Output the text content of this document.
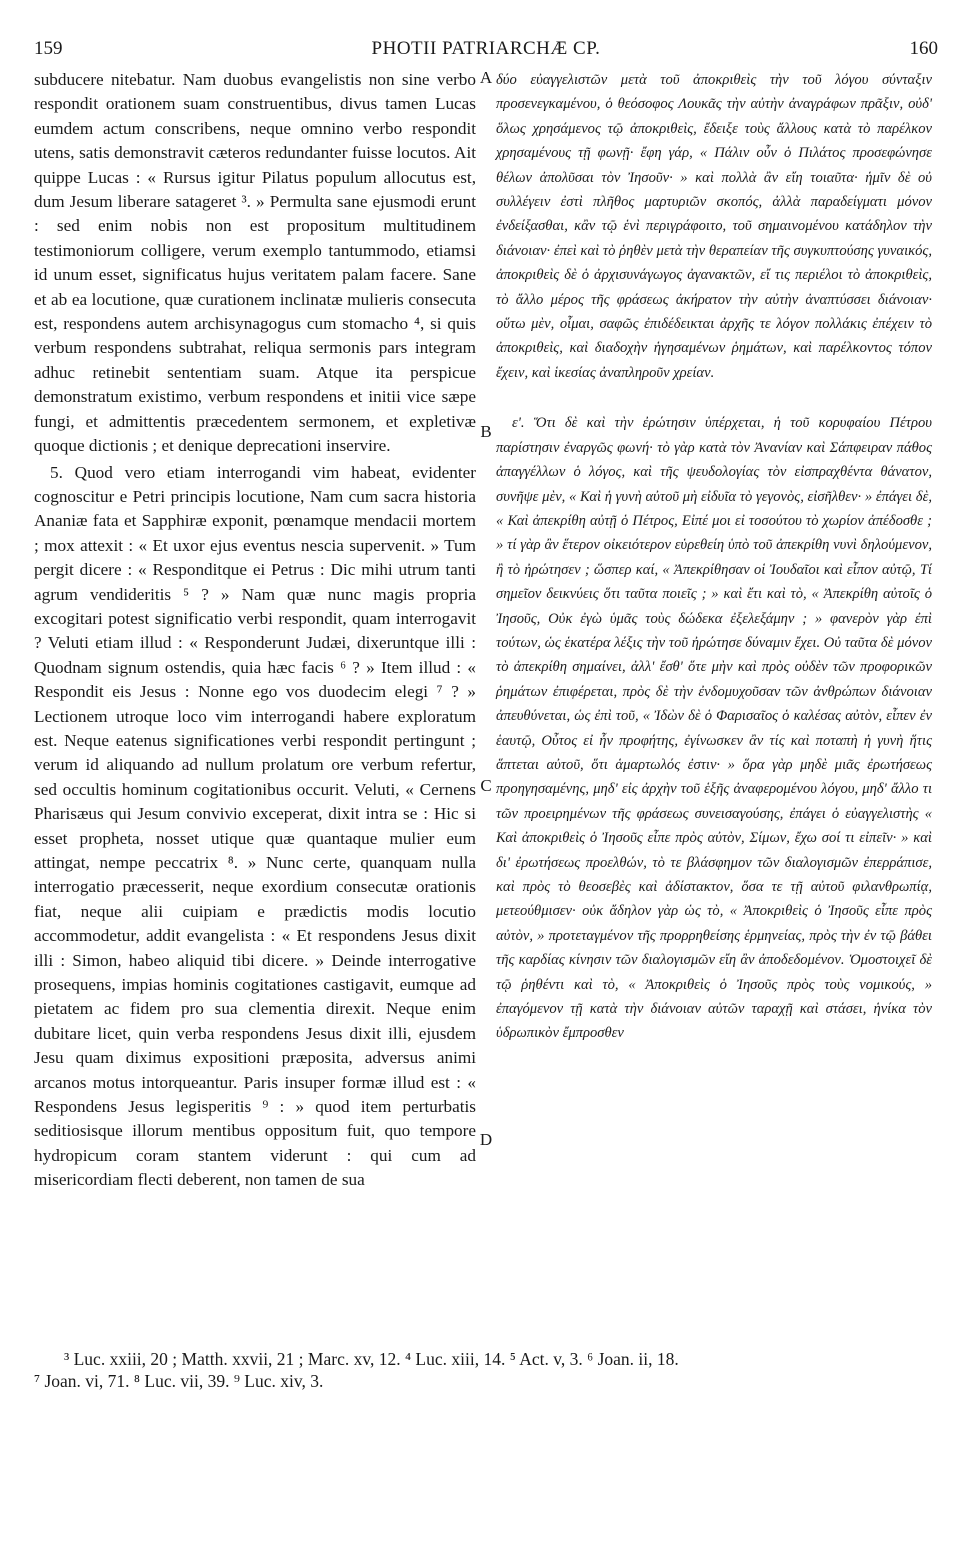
159	PHOTII PATRIARCHÆ CP.	160

subducere nitebatur. Nam duobus evangelistis non sine verbo respondit orationem suam construentibus, divus tamen Lucas eumdem actum conscribens, neque omnino verbo respondit utens, satis demonstravit cæteros redundanter fuisse locutos. Ait quippe Lucas : « Rursus igitur Pilatus populum allocutus est, dum Jesum liberare satageret ³. » Permulta sane ejusmodi erunt : sed enim nobis non est propositum multitudinem testimoniorum colligere, verum exemplo tantummodo, etiamsi id unum esset, significatus hujus veritatem palam facere. Sane et ab ea locutione, quæ curationem inclinatæ mulieris consecuta est, respondens autem archisynagogus cum stomacho ⁴, si quis verbum respondens subtrahat, reliqua sermonis pars integram adhuc retinebit sententiam suam. Atque ita perspicue demonstratum existimo, verbum respondens et initii vice sæpe fungi, et admittentis præcedentem sermonem, et expletivæ quoque dictionis ; et denique deprecationi inservire.

5. Quod vero etiam interrogandi vim habeat, evidenter cognoscitur e Petri principis locutione, Nam cum sacra historia Ananiæ fata et Sapphiræ exponit, pœnamque mendacii mortem ; mox attexit : « Et uxor ejus eventus nescia supervenit. » Tum pergit dicere : « Responditque ei Petrus : Dic mihi utrum tanti agrum vendideritis ⁵ ? » Nam quæ nunc magis propria excogitari potest significatio verbi respondit, quam interrogavit ? Veluti etiam illud : « Responderunt Judæi, dixeruntque illi : Quodnam signum ostendis, quia hæc facis ⁶ ? » Item illud : « Respondit eis Jesus : Nonne ego vos duodecim elegi ⁷ ? » Lectionem utroque loco vim interrogandi habere exploratum est. Neque eatenus significationes verbi respondit pertingunt ; verum id aliquando ad nullum prolatum ore verbum refertur, sed occultis hominum cogitationibus occurit. Veluti, « Cernens Pharisæus qui Jesum convivio exceperat, dixit intra se : Hic si esset propheta, nosset utique quæ quantaque mulier eum attingat, nempe peccatrix ⁸. » Nunc certe, quanquam nulla interrogatio præcesserit, neque exordium consecutæ orationis fiat, neque alii cuipiam e prædictis modis locutio accommodetur, addit evangelista : « Et respondens Jesus dixit illi : Simon, habeo aliquid tibi dicere. » Deinde interrogative prosequens, impias hominis cogitationes castigavit, eumque ad pietatem ac fidem pro sua clementia direxit. Neque enim dubitare licet, quin verba respondens Jesus dixit illi, ejusdem Jesu quam diximus expositioni præposita, adversus animi arcanos motus intorqueantur. Paris insuper formæ illud est : « Respondens Jesus legisperitis ⁹ : » quod item perturbatis seditiosisque illorum mentibus oppositum fuit, quo tempore hydropicum coram stantem viderunt : qui cum ad misericordiam flecti deberent, non tamen de sua

A
B
C
D

δύο εὐαγγελιστῶν μετὰ τοῦ ἀποκριθεὶς τὴν τοῦ λόγου σύνταξιν προσενεγκαμένου, ὁ θεόσοφος Λουκᾶς τὴν αὐτὴν ἀναγράφων πρᾶξιν, οὐδ' ὅλως χρησάμενος τῷ ἀποκριθεὶς, ἔδειξε τοὺς ἄλλους κατὰ τὸ παρέλκον χρησαμένους τῇ φωνῇ· ἔφη γάρ, « Πάλιν οὖν ὁ Πιλάτος προσεφώνησε θέλων ἀπολῦσαι τὸν Ἰησοῦν· » καὶ πολλὰ ἂν εἴη τοιαῦτα· ἡμῖν δὲ οὐ συλλέγειν ἐστὶ πλῆθος μαρτυριῶν σκοπός, ἀλλὰ παραδείγματι μόνον ἐνδείξασθαι, κἂν τῷ ἑνὶ περιγράφοιτο, τοῦ σημαινομένου κατάδηλον τὴν διάνοιαν· ἐπεὶ καὶ τὸ ῥηθὲν μετὰ τὴν θεραπείαν τῆς συγκυπτούσης γυναικός, ἀποκριθεὶς δὲ ὁ ἀρχισυνάγωγος ἀγανακτῶν, εἴ τις περιέλοι τὸ ἀποκριθεὶς, τὸ ἄλλο μέρος τῆς φράσεως ἀκήρατον τὴν αὐτὴν ἀναπτύσσει διάνοιαν· οὕτω μὲν, οἶμαι, σαφῶς ἐπιδέδεικται ἀρχῆς τε λόγον πολλάκις ἐπέχειν τὸ ἀποκριθεὶς, καὶ διαδοχὴν ἡγησαμένων ῥημάτων, καὶ παρέλκοντος τόπον ἔχειν, καὶ ἱκεσίας ἀναπληροῦν χρείαν.

ε'. Ὅτι δὲ καὶ τὴν ἐρώτησιν ὑπέρχεται, ἡ τοῦ κορυφαίου Πέτρου παρίστησιν ἐναργῶς φωνή· τὸ γὰρ κατὰ τὸν Ἀνανίαν καὶ Σάπφειραν πάθος ἀπαγγέλλων ὁ λόγος, καὶ τῆς ψευδολογίας τὸν εἰσπραχθέντα θάνατον, συνῆψε μὲν, « Καὶ ἡ γυνὴ αὐτοῦ μὴ εἰδυῖα τὸ γεγονὸς, εἰσῆλθεν· » ἐπάγει δὲ, « Καὶ ἀπεκρίθη αὐτῇ ὁ Πέτρος, Εἰπέ μοι εἰ τοσούτου τὸ χωρίον ἀπέδοσθε ; » τί γὰρ ἂν ἕτερον οἰκειότερον εὑρεθείη ὑπὸ τοῦ ἀπεκρίθη νυνὶ δηλούμενον, ἢ τὸ ἠρώτησεν ; ὥσπερ καί, « Ἀπεκρίθησαν οἱ Ἰουδαῖοι καὶ εἶπον αὐτῷ, Τί σημεῖον δεικνύεις ὅτι ταῦτα ποιεῖς ; » καὶ ἔτι καὶ τὸ, « Ἀπεκρίθη αὐτοῖς ὁ Ἰησοῦς, Οὐκ ἐγὼ ὑμᾶς τοὺς δώδεκα ἐξελεξάμην ; » φανερὸν γὰρ ἐπὶ τούτων, ὡς ἑκατέρα λέξις τὴν τοῦ ἠρώτησε δύναμιν ἔχει. Οὐ ταῦτα δὲ μόνον τὸ ἀπεκρίθη σημαίνει, ἀλλ' ἔσθ' ὅτε μὴν καὶ πρὸς οὐδὲν τῶν προφορικῶν ῥημάτων ἐπιφέρεται, πρὸς δὲ τὴν ἐνδομυχοῦσαν τῶν ἀνθρώπων διάνοιαν ἀπευθύνεται, ὡς ἐπὶ τοῦ, « Ἰδὼν δὲ ὁ Φαρισαῖος ὁ καλέσας αὐτὸν, εἶπεν ἐν ἑαυτῷ, Οὗτος εἰ ἦν προφήτης, ἐγίνωσκεν ἂν τίς καὶ ποταπὴ ἡ γυνὴ ἥτις ἅπτεται αὐτοῦ, ὅτι ἁμαρτωλός ἐστιν· » ὅρα γὰρ μηδὲ μιᾶς ἐρωτήσεως προηγησαμένης, μηδ' εἰς ἀρχὴν τοῦ ἑξῆς ἀναφερομένου λόγου, μηδ' ἄλλο τι τῶν προειρημένων τῆς φράσεως συνεισαγούσης, ἐπάγει ὁ εὐαγγελιστὴς « Καὶ ἀποκριθεὶς ὁ Ἰησοῦς εἶπε πρὸς αὐτὸν, Σίμων, ἔχω σοί τι εἰπεῖν· » καὶ δι' ἐρωτήσεως προελθών, τὸ τε βλάσφημον τῶν διαλογισμῶν ἐπερράπισε, καὶ πρὸς τὸ θεοσεβὲς καὶ ἀδίστακτον, ὅσα τε τῇ αὐτοῦ φιλανθρωπίᾳ, μετεούθμισεν· οὐκ ἄδηλον γὰρ ὡς τὸ, « Ἀποκριθεὶς ὁ Ἰησοῦς εἶπε πρὸς αὐτὸν, » προτεταγμένον τῆς προρρηθείσης ἑρμηνείας, πρὸς τὴν ἐν τῷ βάθει τῆς καρδίας κίνησιν τῶν διαλογισμῶν εἴη ἂν ἀποδεδομένον. Ὁμοστοιχεῖ δὲ τῷ ῥηθέντι καὶ τὸ, « Ἀποκριθεὶς ὁ Ἰησοῦς πρὸς τοὺς νομικούς, » ἐπαγόμενον τῇ κατὰ τὴν διάνοιαν αὐτῶν ταραχῇ καὶ στάσει, ἡνίκα τὸν ὑδρωπικὸν ἔμπροσθεν

³ Luc. xxiii, 20 ; Matth. xxvii, 21 ; Marc. xv, 12. ⁴ Luc. xiii, 14. ⁵ Act. v, 3. ⁶ Joan. ii, 18.
⁷ Joan. vi, 71. ⁸ Luc. vii, 39. ⁹ Luc. xiv, 3.
